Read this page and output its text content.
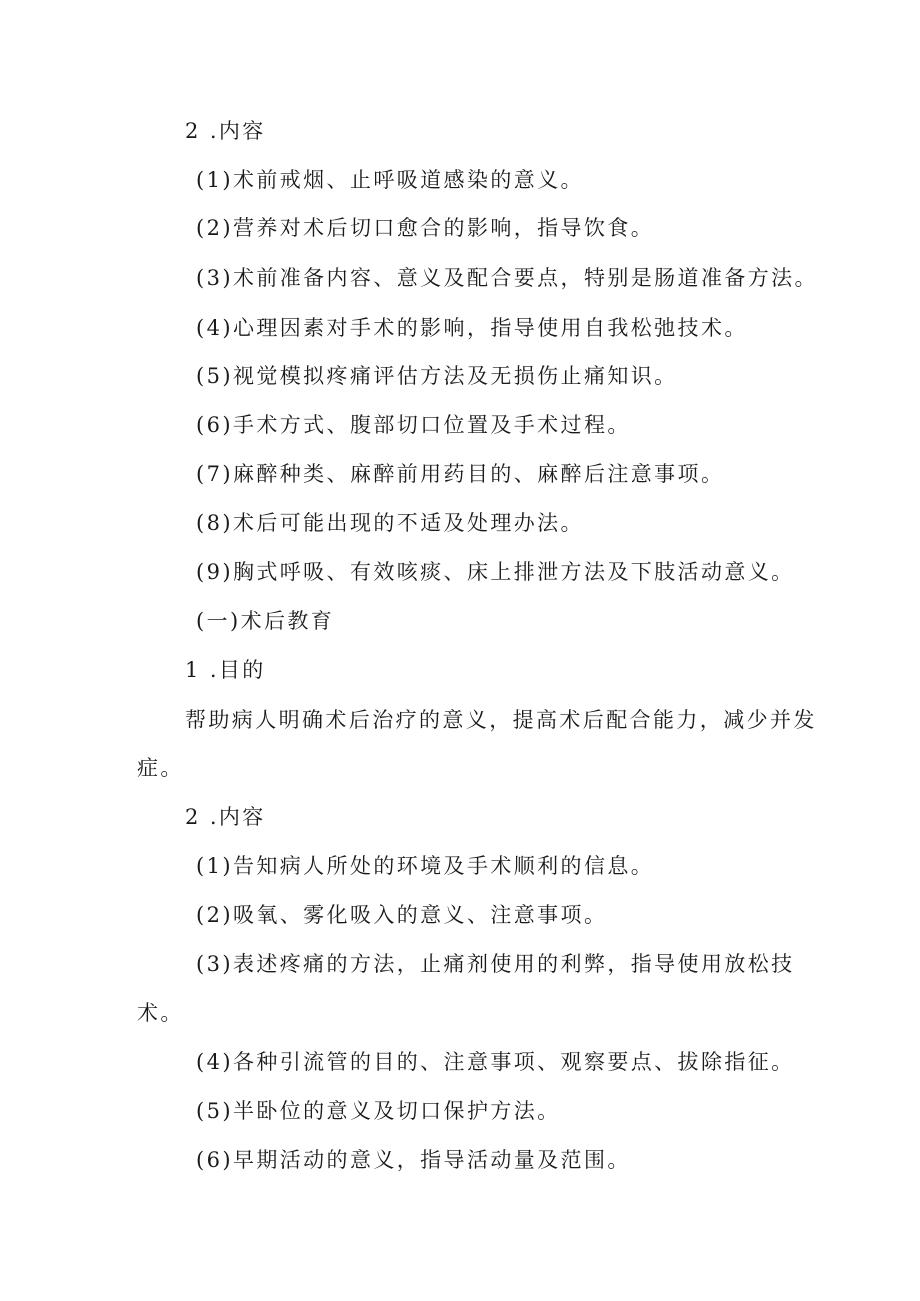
2 .内容
(1)术前戒烟、止呼吸道感染的意义。
(2)营养对术后切口愈合的影响，指导饮食。
(3)术前准备内容、意义及配合要点，特别是肠道准备方法。
(4)心理因素对手术的影响，指导使用自我松弛技术。
(5)视觉模拟疼痛评估方法及无损伤止痛知识。
(6)手术方式、腹部切口位置及手术过程。
(7)麻醉种类、麻醉前用药目的、麻醉后注意事项。
(8)术后可能出现的不适及处理办法。
(9)胸式呼吸、有效咳痰、床上排泄方法及下肢活动意义。
(一)术后教育
1 .目的
帮助病人明确术后治疗的意义，提高术后配合能力，减少并发
症。
2 .内容
(1)告知病人所处的环境及手术顺利的信息。
(2)吸氧、雾化吸入的意义、注意事项。
(3)表述疼痛的方法，止痛剂使用的利弊，指导使用放松技
术。
(4)各种引流管的目的、注意事项、观察要点、拔除指征。
(5)半卧位的意义及切口保护方法。
(6)早期活动的意义，指导活动量及范围。
